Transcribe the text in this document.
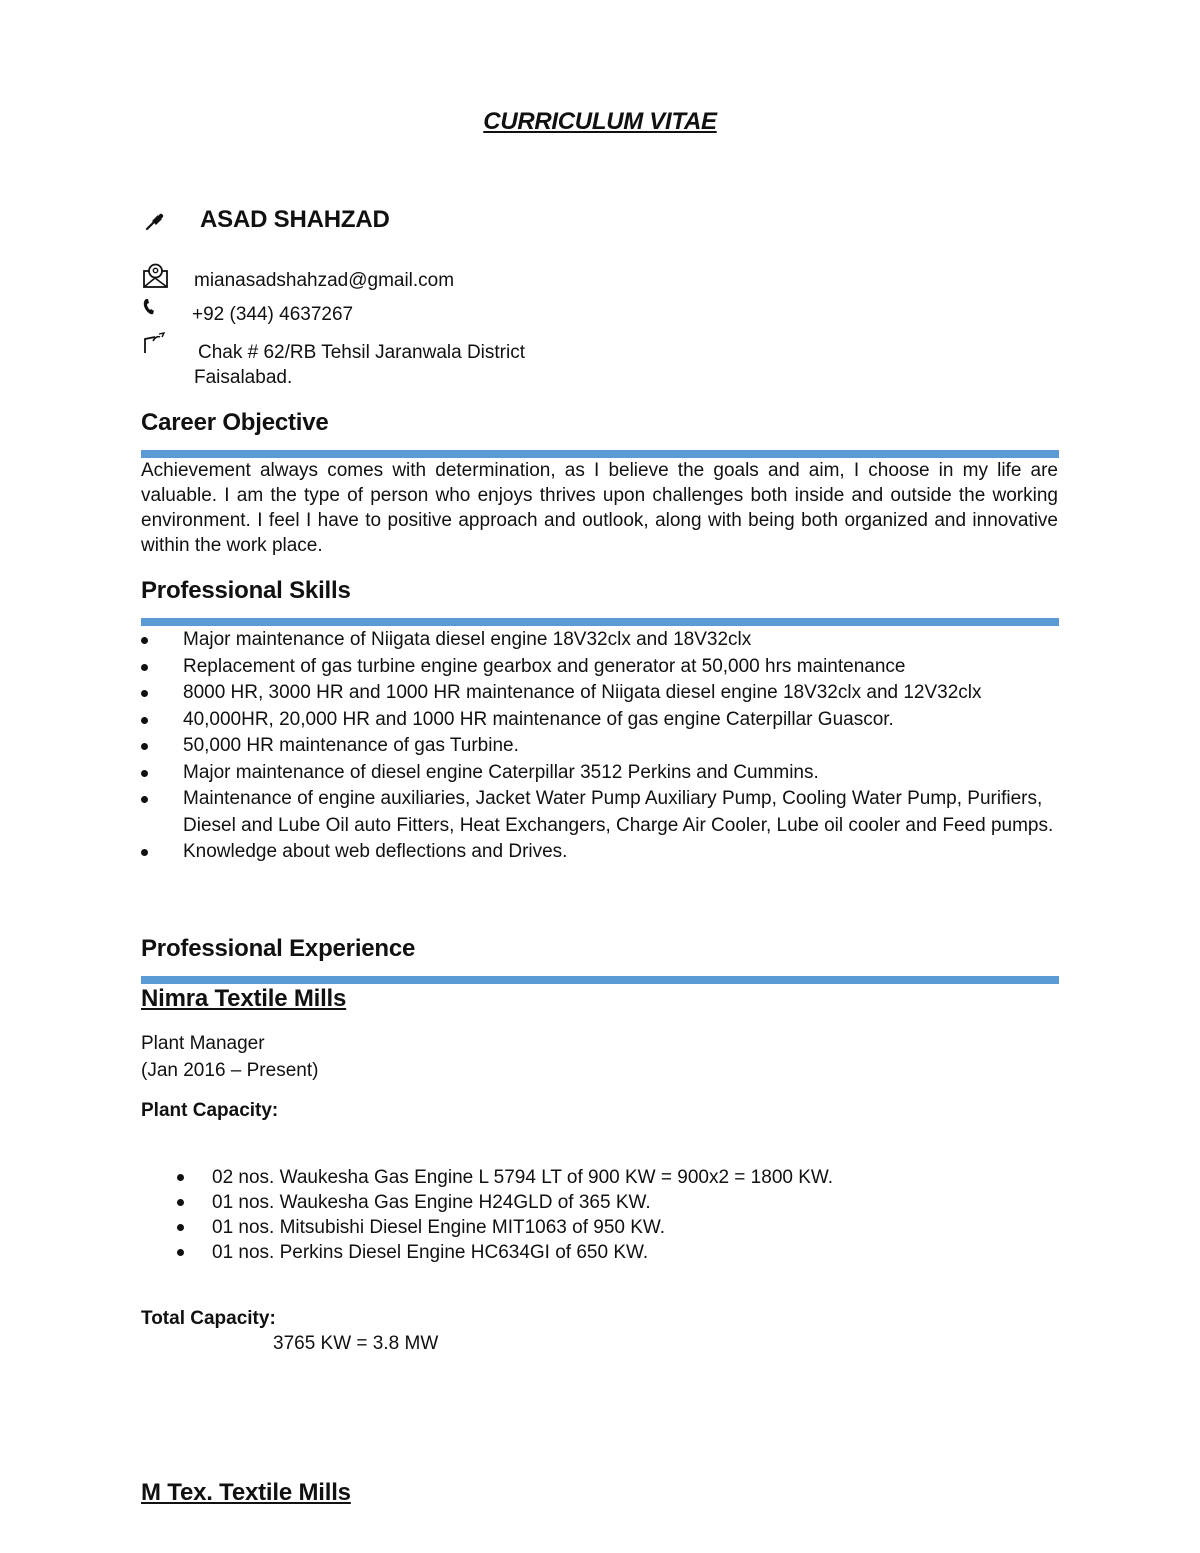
CURRICULUM VITAE
ASAD SHAHZAD
mianasadshahzad@gmail.com
+92 (344) 4637267
Chak # 62/RB Tehsil Jaranwala District
Faisalabad.
Career Objective
Achievement always comes with determination, as I believe the goals and aim, I choose in my life are valuable. I am the type of person who enjoys thrives upon challenges both inside and outside the working environment. I feel I have to positive approach and outlook, along with being both organized and innovative within the work place.
Professional Skills
Major maintenance of Niigata diesel engine 18V32clx and 18V32clx
Replacement of gas turbine engine gearbox and generator at 50,000 hrs maintenance
8000 HR, 3000 HR and 1000 HR maintenance of Niigata diesel engine 18V32clx and 12V32clx
40,000HR, 20,000 HR and 1000 HR maintenance of gas engine Caterpillar Guascor.
50,000 HR maintenance of gas Turbine.
Major maintenance of diesel engine Caterpillar 3512 Perkins and Cummins.
Maintenance of engine auxiliaries, Jacket Water Pump Auxiliary Pump, Cooling Water Pump, Purifiers, Diesel and Lube Oil auto Fitters, Heat Exchangers, Charge Air Cooler, Lube oil cooler and Feed pumps.
Knowledge about web deflections and Drives.
Professional Experience
Nimra Textile Mills
Plant Manager
(Jan 2016 – Present)
Plant Capacity:
02 nos. Waukesha Gas Engine L 5794 LT of 900 KW = 900x2 = 1800 KW.
01 nos. Waukesha Gas Engine H24GLD of 365 KW.
01 nos. Mitsubishi Diesel Engine MIT1063 of 950 KW.
01 nos. Perkins Diesel Engine HC634GI of 650 KW.
Total Capacity:
3765 KW = 3.8 MW
M Tex. Textile Mills
